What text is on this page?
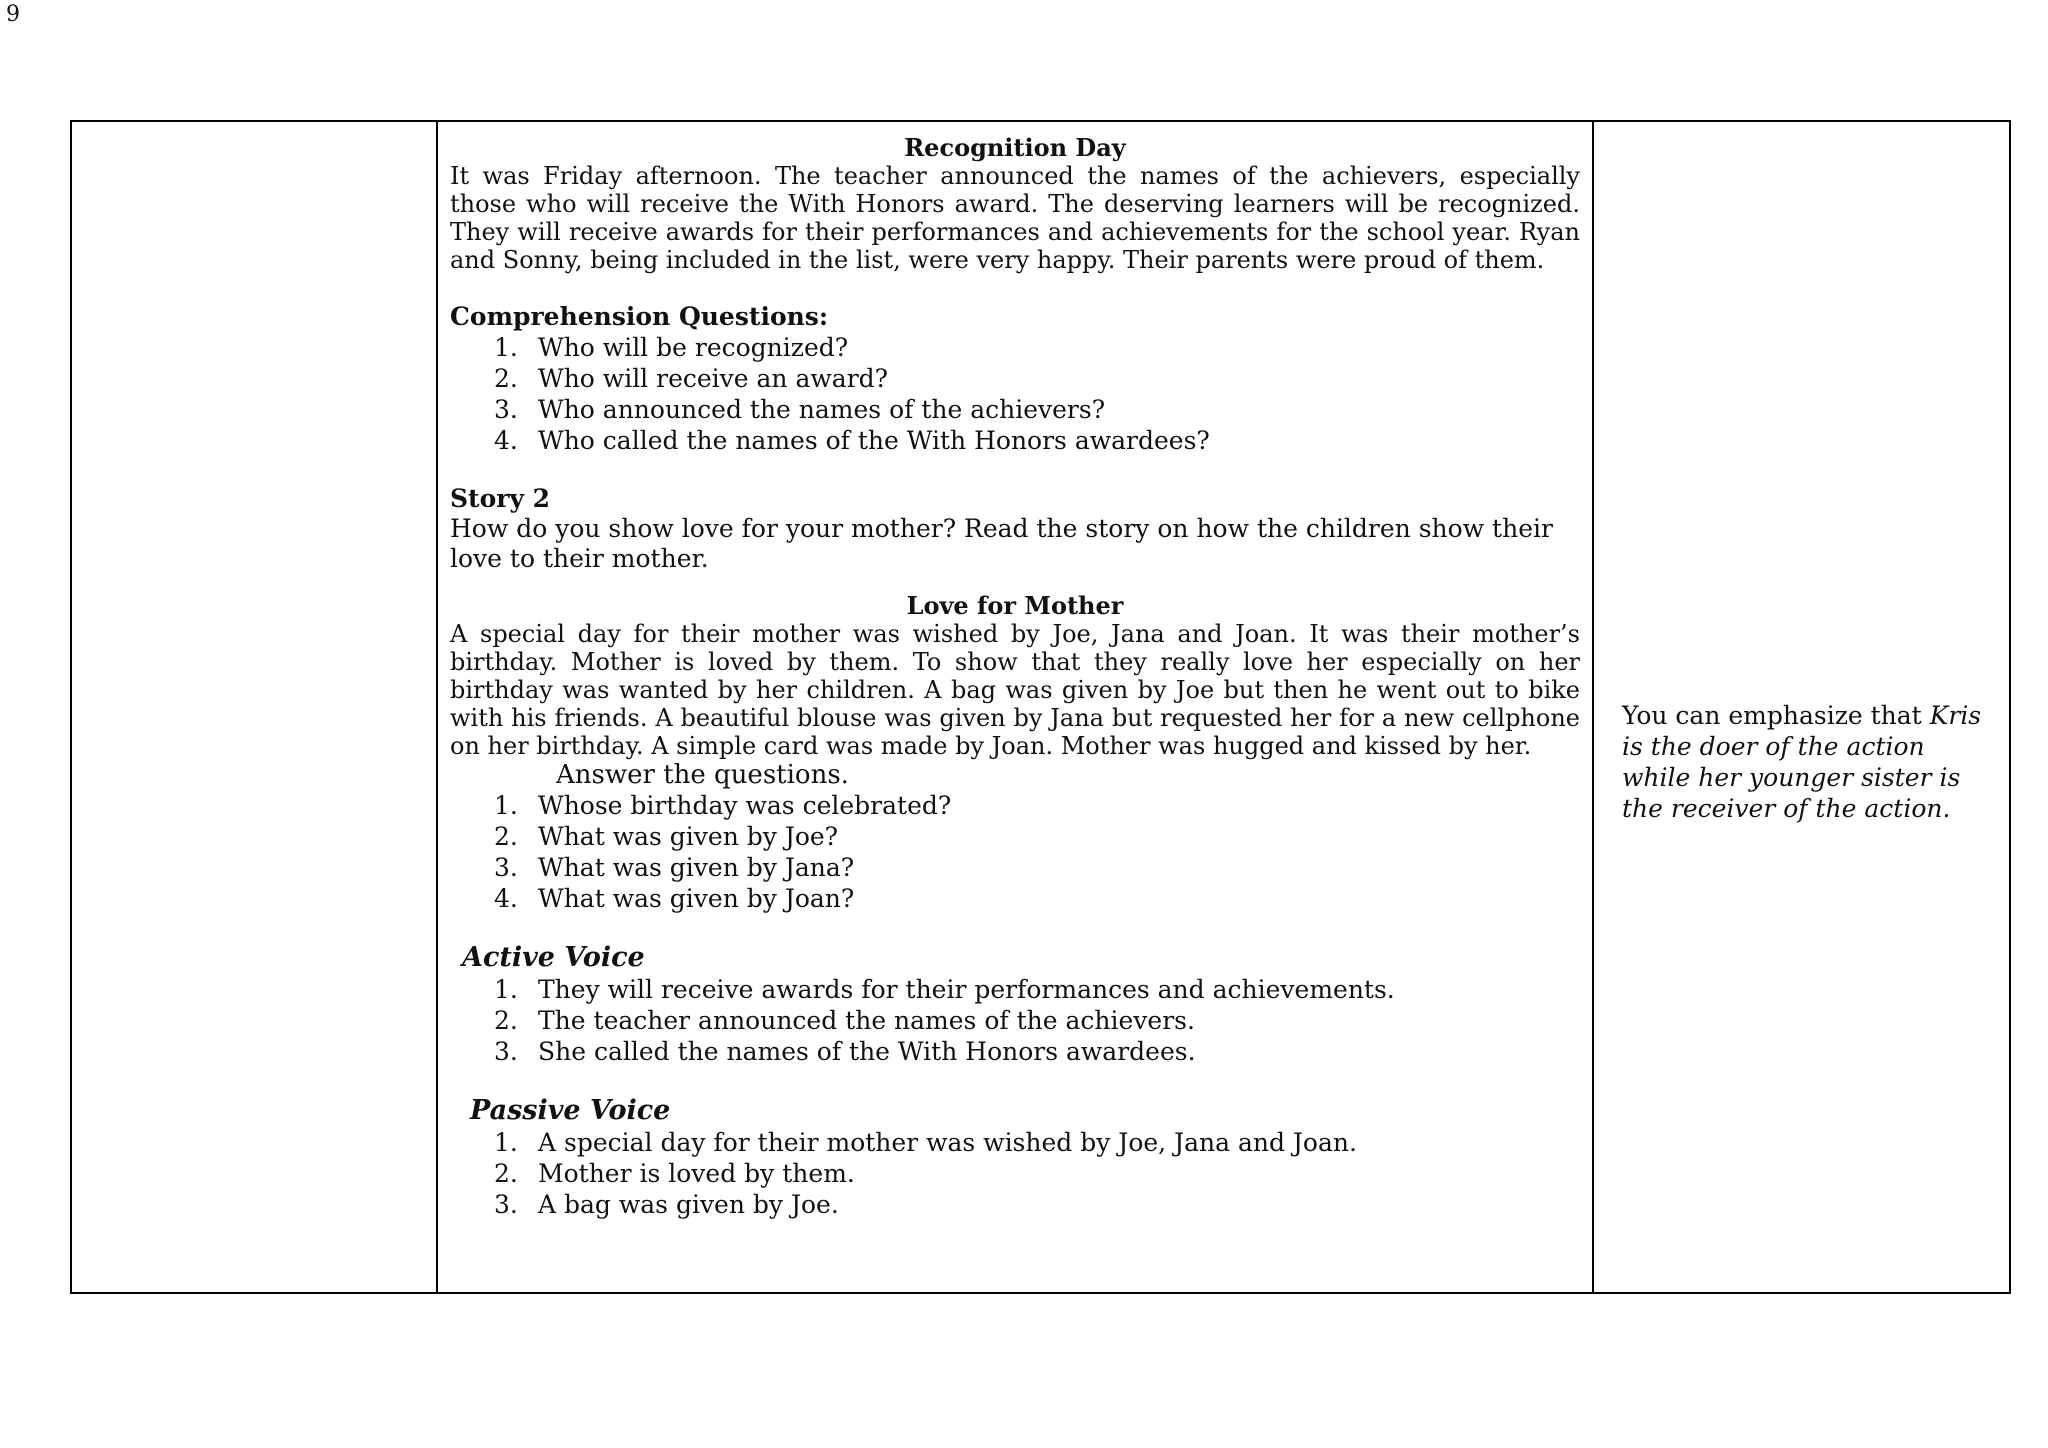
9

Recognition Day

It was Friday afternoon. The teacher announced the names of the achievers, especially those who will receive the With Honors award. The deserving learners will be recognized. They will receive awards for their performances and achievements for the school year. Ryan and Sonny, being included in the list, were very happy. Their parents were proud of them.

Comprehension Questions:

1. Who will be recognized?
2. Who will receive an award?
3. Who announced the names of the achievers?
4. Who called the names of the With Honors awardees?

Story 2

How do you show love for your mother? Read the story on how the children show their love to their mother.

Love for Mother

A special day for their mother was wished by Joe, Jana and Joan. It was their mother’s birthday. Mother is loved by them. To show that they really love her especially on her birthday was wanted by her children. A bag was given by Joe but then he went out to bike with his friends. A beautiful blouse was given by Jana but requested her for a new cellphone on her birthday. A simple card was made by Joan. Mother was hugged and kissed by her.

Answer the questions.

1. Whose birthday was celebrated?
2. What was given by Joe?
3. What was given by Jana?
4. What was given by Joan?

Active Voice

1. They will receive awards for their performances and achievements.
2. The teacher announced the names of the achievers.
3. She called the names of the With Honors awardees.

Passive Voice

1. A special day for their mother was wished by Joe, Jana and Joan.
2. Mother is loved by them.
3. A bag was given by Joe.

You can emphasize that Kris is the doer of the action while her younger sister is the receiver of the action.
